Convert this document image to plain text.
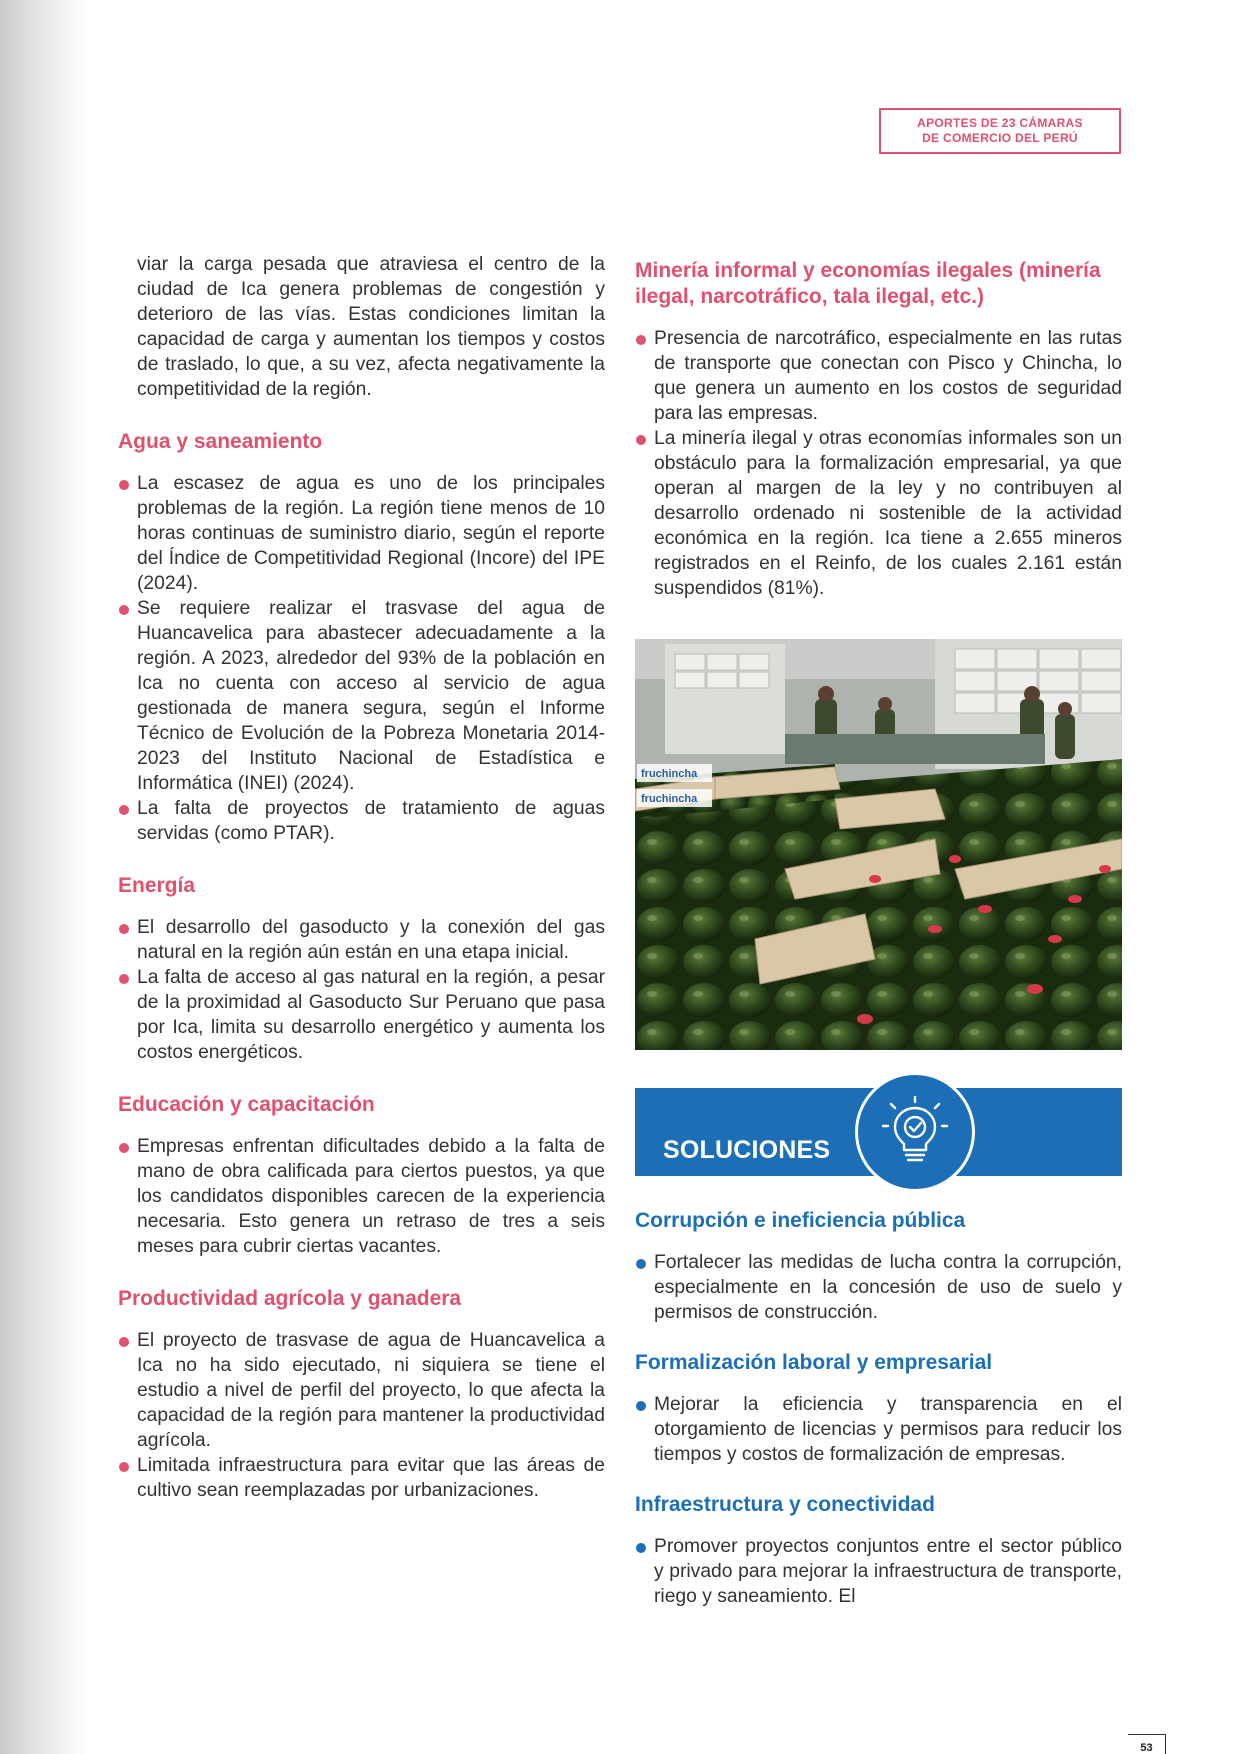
APORTES DE 23 CÁMARAS
DE COMERCIO DEL PERÚ

viar la carga pesada que atraviesa el centro de la ciudad de Ica genera problemas de congestión y deterioro de las vías. Estas condiciones limitan la capacidad de carga y aumentan los tiempos y costos de traslado, lo que, a su vez, afecta negativamente la competitividad de la región.

Agua y saneamiento
La escasez de agua es uno de los principales problemas de la región. La región tiene menos de 10 horas continuas de suministro diario, según el reporte del Índice de Competitividad Regional (Incore) del IPE (2024).
Se requiere realizar el trasvase del agua de Huancavelica para abastecer adecuadamente a la región. A 2023, alrededor del 93% de la población en Ica no cuenta con acceso al servicio de agua gestionada de manera segura, según el Informe Técnico de Evolución de la Pobreza Monetaria 2014-2023 del Instituto Nacional de Estadística e Informática (INEI) (2024).
La falta de proyectos de tratamiento de aguas servidas (como PTAR).
Energía
El desarrollo del gasoducto y la conexión del gas natural en la región aún están en una etapa inicial.
La falta de acceso al gas natural en la región, a pesar de la proximidad al Gasoducto Sur Peruano que pasa por Ica, limita su desarrollo energético y aumenta los costos energéticos.
Educación y capacitación
Empresas enfrentan dificultades debido a la falta de mano de obra calificada para ciertos puestos, ya que los candidatos disponibles carecen de la experiencia necesaria. Esto genera un retraso de tres a seis meses para cubrir ciertas vacantes.
Productividad agrícola y ganadera
El proyecto de trasvase de agua de Huancavelica a Ica no ha sido ejecutado, ni siquiera se tiene el estudio a nivel de perfil del proyecto, lo que afecta la capacidad de la región para mantener la productividad agrícola.
Limitada infraestructura para evitar que las áreas de cultivo sean reemplazadas por urbanizaciones.
Minería informal y economías ilegales (minería ilegal, narcotráfico, tala ilegal, etc.)
Presencia de narcotráfico, especialmente en las rutas de transporte que conectan con Pisco y Chincha, lo que genera un aumento en los costos de seguridad para las empresas.
La minería ilegal y otras economías informales son un obstáculo para la formalización empresarial, ya que operan al margen de la ley y no contribuyen al desarrollo ordenado ni sostenible de la actividad económica en la región. Ica tiene a 2.655 mineros registrados en el Reinfo, de los cuales 2.161 están suspendidos (81%).
fruchincha
fruchincha
SOLUCIONES
Corrupción e ineficiencia pública
Fortalecer las medidas de lucha contra la corrupción, especialmente en la concesión de uso de suelo y permisos de construcción.
Formalización laboral y empresarial
Mejorar la eficiencia y transparencia en el otorgamiento de licencias y permisos para reducir los tiempos y costos de formalización de empresas.
Infraestructura y conectividad
Promover proyectos conjuntos entre el sector público y privado para mejorar la infraestructura de transporte, riego y saneamiento. El
53
